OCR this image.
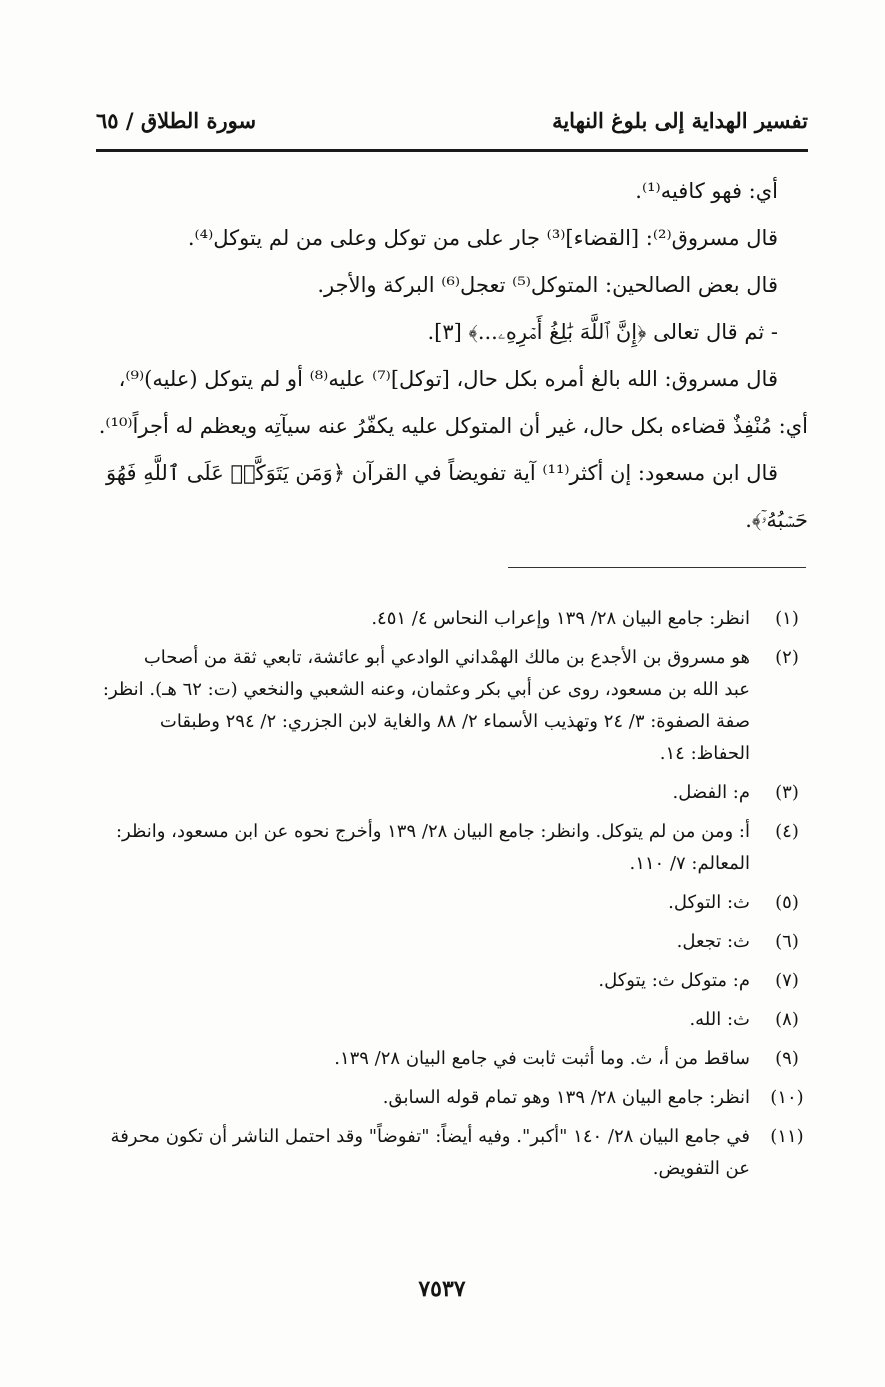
تفسير الهداية إلى بلوغ النهاية
سورة الطلاق / ٦٥
أي: فهو كافيه⁽¹⁾.
قال مسروق⁽²⁾: [القضاء]⁽³⁾ جار على من توكل وعلى من لم يتوكل⁽⁴⁾.
قال بعض الصالحين: المتوكل⁽⁵⁾ تعجل⁽⁶⁾ البركة والأجر.
- ثم قال تعالى ﴿إِنَّ ٱللَّهَ بَٰلِغُ أَمۡرِهِۦ...﴾ [٣].
قال مسروق: الله بالغ أمره بكل حال، [توكل]⁽⁷⁾ عليه⁽⁸⁾ أو لم يتوكل (عليه)⁽⁹⁾،
أي: مُنْفِذٌ قضاءه بكل حال، غير أن المتوكل عليه يكفّرُ عنه سيآتِه ويعظم له أجراً⁽¹⁰⁾.
قال ابن مسعود: إن أكثر⁽¹¹⁾ آية تفويضاً في القرآن ﴿وَمَن يَتَوَكَّلۡ عَلَى ٱللَّهِ فَهُوَ
حَسۡبُهُۥٓ﴾.
(١)
انظر: جامع البيان ٢٨/ ١٣٩ وإعراب النحاس ٤/ ٤٥١.
(٢)
هو مسروق بن الأجدع بن مالك الهمْداني الوادعي أبو عائشة، تابعي ثقة من أصحاب
عبد الله بن مسعود، روى عن أبي بكر وعثمان، وعنه الشعبي والنخعي (ت: ٦٢ هـ). انظر:
صفة الصفوة: ٣/ ٢٤ وتهذيب الأسماء ٢/ ٨٨ والغاية لابن الجزري: ٢/ ٢٩٤ وطبقات
الحفاظ: ١٤.
(٣)
م: الفضل.
(٤)
أ: ومن من لم يتوكل. وانظر: جامع البيان ٢٨/ ١٣٩ وأخرج نحوه عن ابن مسعود، وانظر:
المعالم: ٧/ ١١٠.
(٥)
ث: التوكل.
(٦)
ث: تجعل.
(٧)
م: متوكل ث: يتوكل.
(٨)
ث: الله.
(٩)
ساقط من أ، ث. وما أثبت ثابت في جامع البيان ٢٨/ ١٣٩.
(١٠)
انظر: جامع البيان ٢٨/ ١٣٩ وهو تمام قوله السابق.
(١١)
في جامع البيان ٢٨/ ١٤٠ "أكبر". وفيه أيضاً: "تفوضاً" وقد احتمل الناشر أن تكون محرفة
عن التفويض.
٧٥٣٧
